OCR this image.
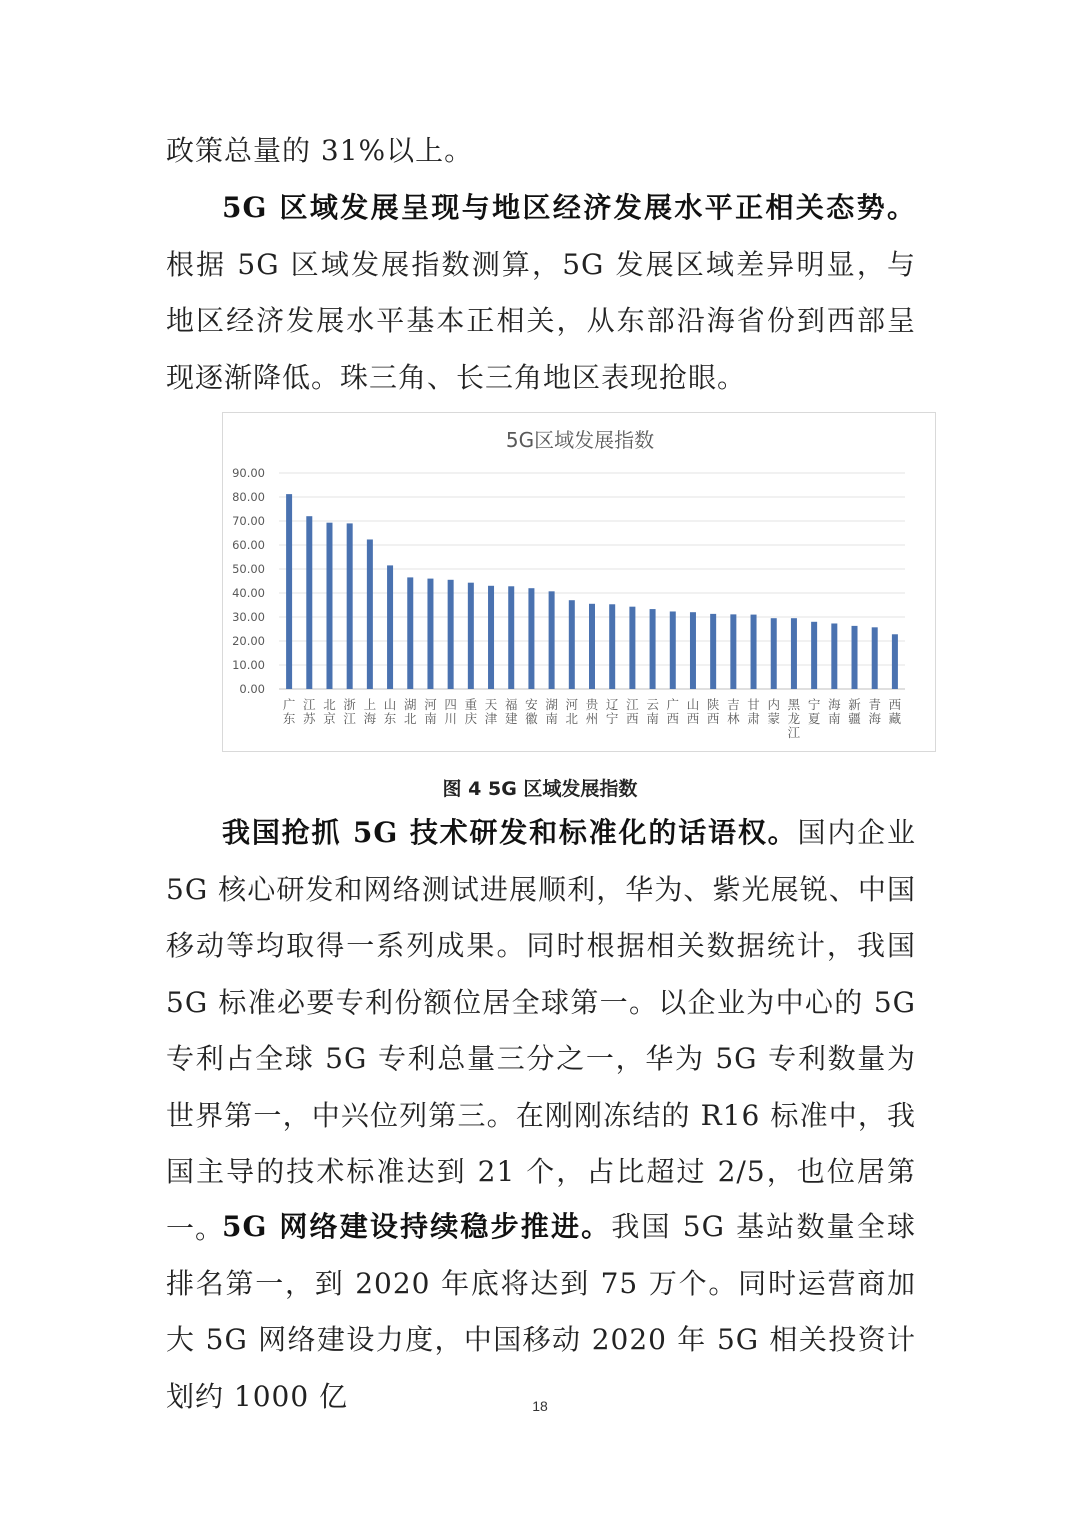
政策总量的 31%以上。

5G 区域发展呈现与地区经济发展水平正相关态势。根据 5G 区域发展指数测算，5G 发展区域差异明显，与地区经济发展水平基本正相关，从东部沿海省份到西部呈现逐渐降低。珠三角、长三角地区表现抢眼。

5G区域发展指数
0.00
10.00
20.00
30.00
40.00
50.00
60.00
70.00
80.00
90.00
广
东
江
苏
北
京
浙
江
上
海
山
东
湖
北
河
南
四
川
重
庆
天
津
福
建
安
徽
湖
南
河
北
贵
州
辽
宁
江
西
云
南
广
西
山
西
陕
西
吉
林
甘
肃
内
蒙
黑
龙
江
宁
夏
海
南
新
疆
青
海
西
藏
图 4 5G 区域发展指数

我国抢抓 5G 技术研发和标准化的话语权。国内企业 5G 核心研发和网络测试进展顺利，华为、紫光展锐、中国移动等均取得一系列成果。同时根据相关数据统计，我国 5G 标准必要专利份额位居全球第一。以企业为中心的 5G 专利占全球 5G 专利总量三分之一，华为 5G 专利数量为世界第一，中兴位列第三。在刚刚冻结的 R16 标准中，我国主导的技术标准达到 21 个，占比超过 2/5，也位居第一。

5G 网络建设持续稳步推进。我国 5G 基站数量全球排名第一，到 2020 年底将达到 75 万个。同时运营商加大 5G 网络建设力度，中国移动 2020 年 5G 相关投资计划约 1000 亿	18
